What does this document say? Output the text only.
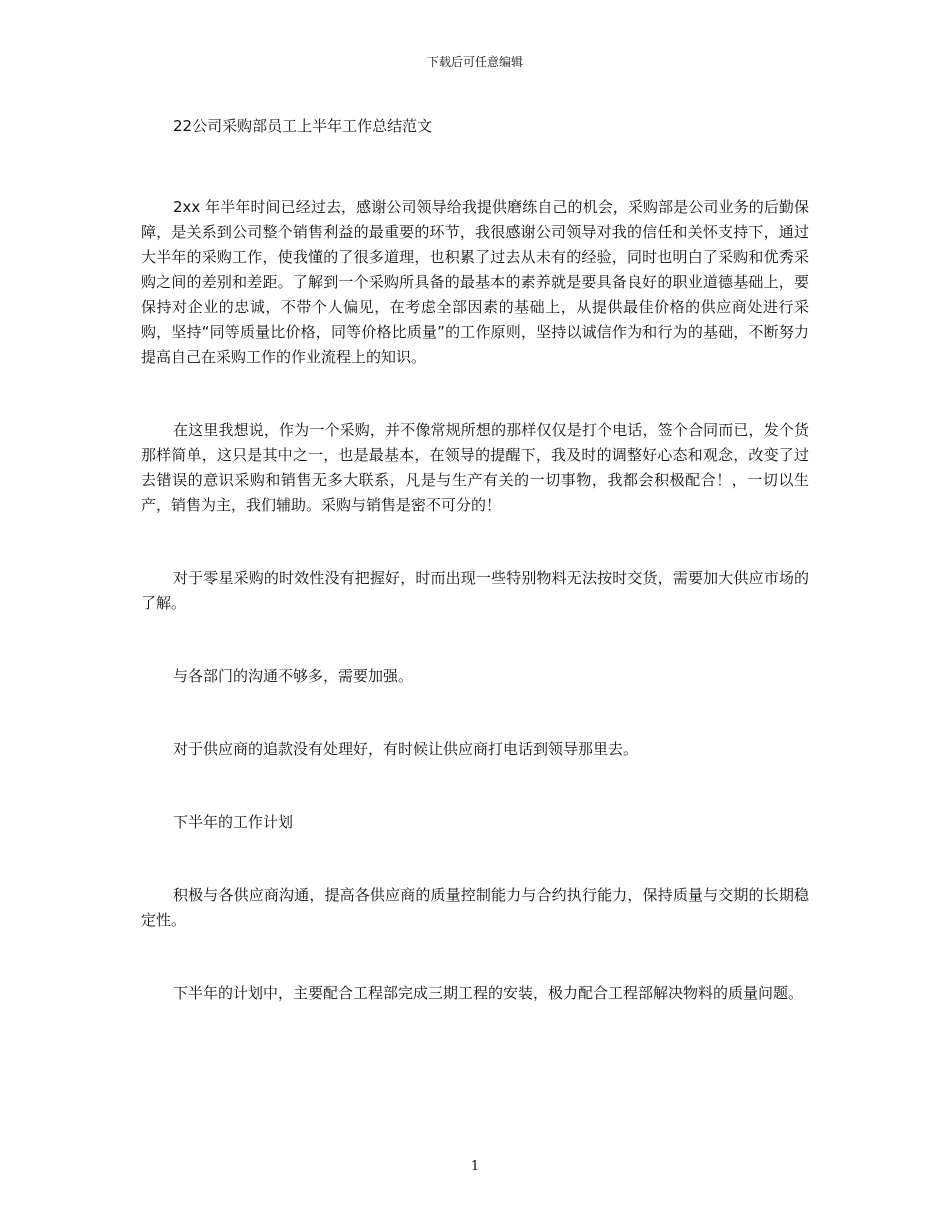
下载后可任意编辑

22公司采购部员工上半年工作总结范文

2xx 年半年时间已经过去，感谢公司领导给我提供磨练自己的机会，采购部是公司业务的后勤保障，是关系到公司整个销售利益的最重要的环节，我很感谢公司领导对我的信任和关怀支持下，通过大半年的采购工作，使我懂的了很多道理，也积累了过去从未有的经验，同时也明白了采购和优秀采购之间的差别和差距。了解到一个采购所具备的最基本的素养就是要具备良好的职业道德基础上，要保持对企业的忠诚，不带个人偏见，在考虑全部因素的基础上，从提供最佳价格的供应商处进行采购，坚持“同等质量比价格，同等价格比质量”的工作原则，坚持以诚信作为和行为的基础，不断努力提高自己在采购工作的作业流程上的知识。

在这里我想说，作为一个采购，并不像常规所想的那样仅仅是打个电话，签个合同而已，发个货那样简单，这只是其中之一，也是最基本，在领导的提醒下，我及时的调整好心态和观念，改变了过去错误的意识采购和销售无多大联系，凡是与生产有关的一切事物，我都会积极配合！，一切以生产，销售为主，我们辅助。采购与销售是密不可分的！

对于零星采购的时效性没有把握好，时而出现一些特别物料无法按时交货，需要加大供应市场的了解。

与各部门的沟通不够多，需要加强。

对于供应商的追款没有处理好，有时候让供应商打电话到领导那里去。

下半年的工作计划

积极与各供应商沟通，提高各供应商的质量控制能力与合约执行能力，保持质量与交期的长期稳定性。

下半年的计划中，主要配合工程部完成三期工程的安装，极力配合工程部解决物料的质量问题。

1
